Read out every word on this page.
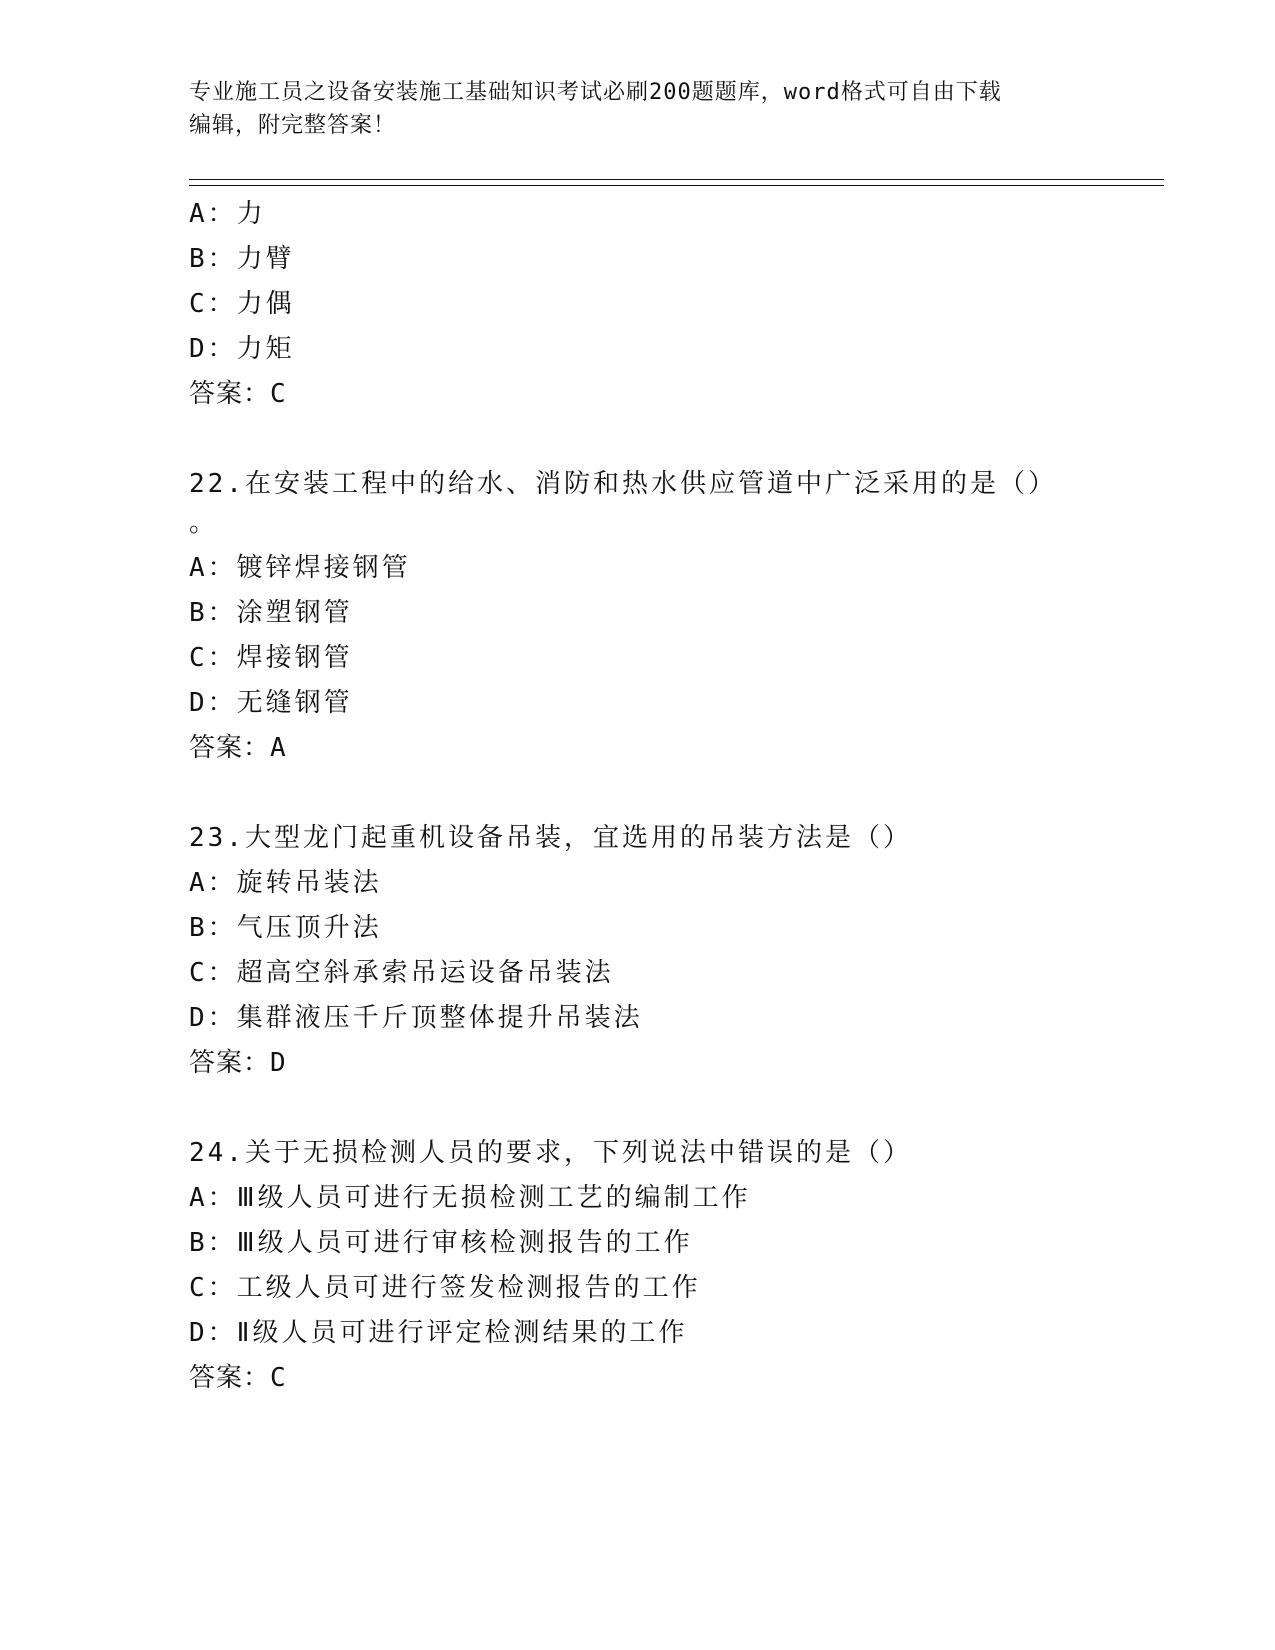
专业施工员之设备安装施工基础知识考试必刷200题题库，word格式可自由下载
编辑，附完整答案！
A：力
B：力臂
C：力偶
D：力矩
答案：C
22.在安装工程中的给水、消防和热水供应管道中广泛采用的是（）
。
A：镀锌焊接钢管
B：涂塑钢管
C：焊接钢管
D：无缝钢管
答案：A
23.大型龙门起重机设备吊装，宜选用的吊装方法是（）
A：旋转吊装法
B：气压顶升法
C：超高空斜承索吊运设备吊装法
D：集群液压千斤顶整体提升吊装法
答案：D
24.关于无损检测人员的要求，下列说法中错误的是（）
A：Ⅲ级人员可进行无损检测工艺的编制工作
B：Ⅲ级人员可进行审核检测报告的工作
C：工级人员可进行签发检测报告的工作
D：Ⅱ级人员可进行评定检测结果的工作
答案：C
